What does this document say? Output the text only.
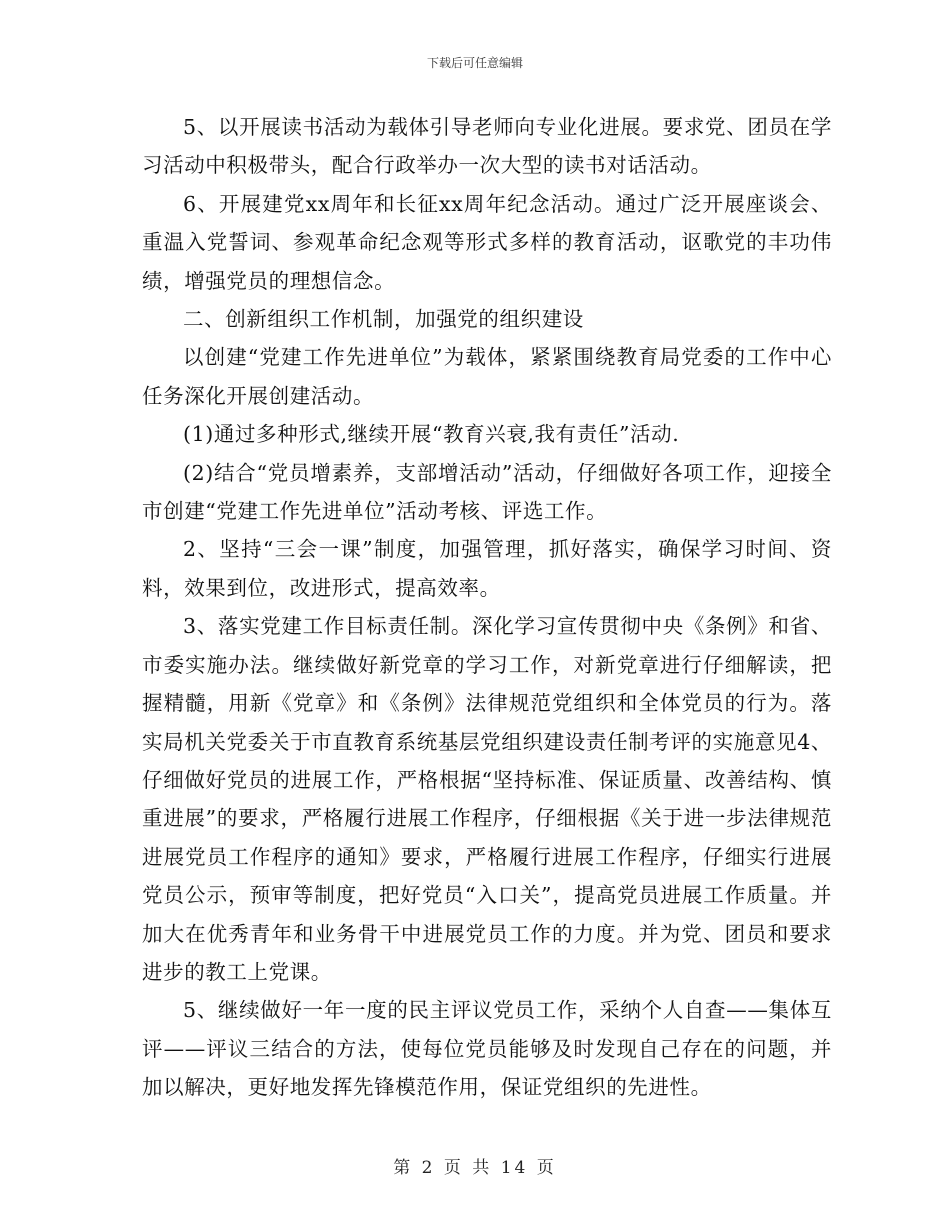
下载后可任意编辑

5、以开展读书活动为载体引导老师向专业化进展。要求党、团员在学习活动中积极带头，配合行政举办一次大型的读书对话活动。

6、开展建党xx周年和长征xx周年纪念活动。通过广泛开展座谈会、重温入党誓词、参观革命纪念观等形式多样的教育活动，讴歌党的丰功伟绩，增强党员的理想信念。

二、创新组织工作机制，加强党的组织建设

以创建“党建工作先进单位”为载体，紧紧围绕教育局党委的工作中心任务深化开展创建活动。

(1)通过多种形式,继续开展“教育兴衰,我有责任”活动.

(2)结合“党员增素养，支部增活动”活动，仔细做好各项工作，迎接全市创建“党建工作先进单位”活动考核、评选工作。

2、坚持“三会一课”制度，加强管理，抓好落实，确保学习时间、资料，效果到位，改进形式，提高效率。

3、落实党建工作目标责任制。深化学习宣传贯彻中央《条例》和省、市委实施办法。继续做好新党章的学习工作，对新党章进行仔细解读，把握精髓，用新《党章》和《条例》法律规范党组织和全体党员的行为。落实局机关党委关于市直教育系统基层党组织建设责任制考评的实施意见4、仔细做好党员的进展工作，严格根据“坚持标准、保证质量、改善结构、慎重进展”的要求，严格履行进展工作程序，仔细根据《关于进一步法律规范进展党员工作程序的通知》要求，严格履行进展工作程序，仔细实行进展党员公示，预审等制度，把好党员“入口关”，提高党员进展工作质量。并加大在优秀青年和业务骨干中进展党员工作的力度。并为党、团员和要求进步的教工上党课。

5、继续做好一年一度的民主评议党员工作，采纳个人自查——集体互评——评议三结合的方法，使每位党员能够及时发现自己存在的问题，并加以解决，更好地发挥先锋模范作用，保证党组织的先进性。

第 2 页 共 14 页
